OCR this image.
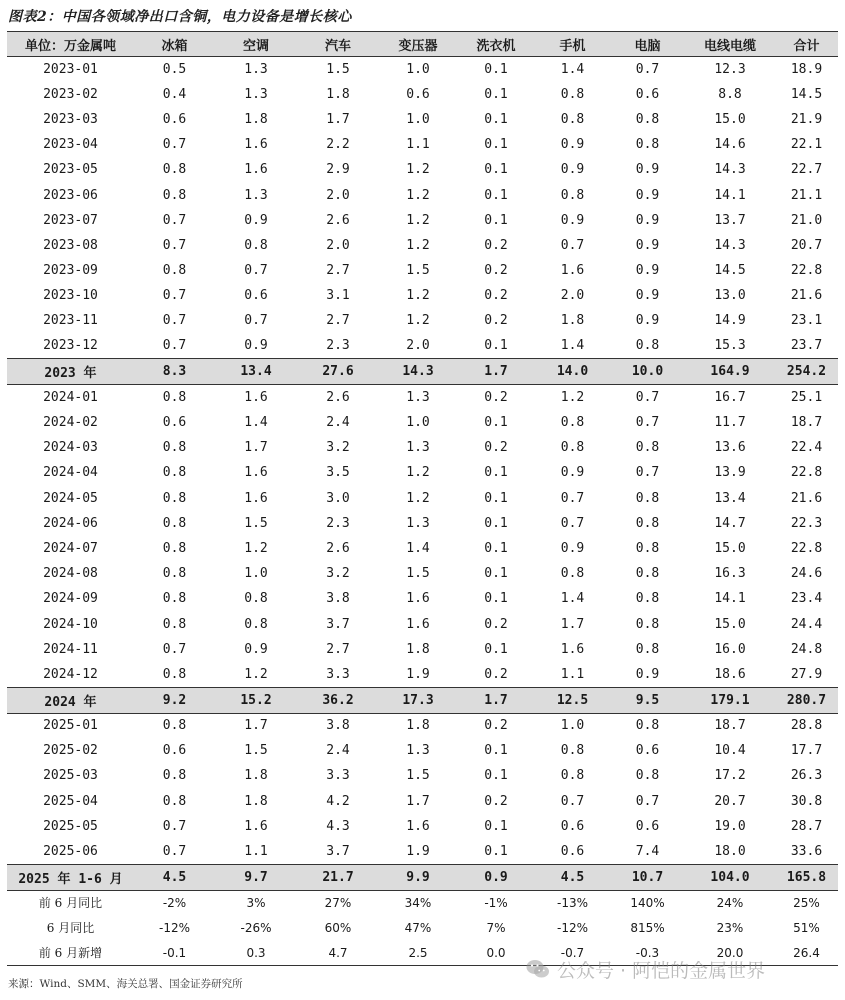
图表2：中国各领域净出口含铜，电力设备是增长核心
单位：万金属吨	冰箱	空调	汽车	变压器	洗衣机	手机	电脑	电线电缆	合计
2023-01	0.5	1.3	1.5	1.0	0.1	1.4	0.7	12.3	18.9
2023-02	0.4	1.3	1.8	0.6	0.1	0.8	0.6	8.8	14.5
2023-03	0.6	1.8	1.7	1.0	0.1	0.8	0.8	15.0	21.9
2023-04	0.7	1.6	2.2	1.1	0.1	0.9	0.8	14.6	22.1
2023-05	0.8	1.6	2.9	1.2	0.1	0.9	0.9	14.3	22.7
2023-06	0.8	1.3	2.0	1.2	0.1	0.8	0.9	14.1	21.1
2023-07	0.7	0.9	2.6	1.2	0.1	0.9	0.9	13.7	21.0
2023-08	0.7	0.8	2.0	1.2	0.2	0.7	0.9	14.3	20.7
2023-09	0.8	0.7	2.7	1.5	0.2	1.6	0.9	14.5	22.8
2023-10	0.7	0.6	3.1	1.2	0.2	2.0	0.9	13.0	21.6
2023-11	0.7	0.7	2.7	1.2	0.2	1.8	0.9	14.9	23.1
2023-12	0.7	0.9	2.3	2.0	0.1	1.4	0.8	15.3	23.7
2023 年	8.3	13.4	27.6	14.3	1.7	14.0	10.0	164.9	254.2
2024-01	0.8	1.6	2.6	1.3	0.2	1.2	0.7	16.7	25.1
2024-02	0.6	1.4	2.4	1.0	0.1	0.8	0.7	11.7	18.7
2024-03	0.8	1.7	3.2	1.3	0.2	0.8	0.8	13.6	22.4
2024-04	0.8	1.6	3.5	1.2	0.1	0.9	0.7	13.9	22.8
2024-05	0.8	1.6	3.0	1.2	0.1	0.7	0.8	13.4	21.6
2024-06	0.8	1.5	2.3	1.3	0.1	0.7	0.8	14.7	22.3
2024-07	0.8	1.2	2.6	1.4	0.1	0.9	0.8	15.0	22.8
2024-08	0.8	1.0	3.2	1.5	0.1	0.8	0.8	16.3	24.6
2024-09	0.8	0.8	3.8	1.6	0.1	1.4	0.8	14.1	23.4
2024-10	0.8	0.8	3.7	1.6	0.2	1.7	0.8	15.0	24.4
2024-11	0.7	0.9	2.7	1.8	0.1	1.6	0.8	16.0	24.8
2024-12	0.8	1.2	3.3	1.9	0.2	1.1	0.9	18.6	27.9
2024 年	9.2	15.2	36.2	17.3	1.7	12.5	9.5	179.1	280.7
2025-01	0.8	1.7	3.8	1.8	0.2	1.0	0.8	18.7	28.8
2025-02	0.6	1.5	2.4	1.3	0.1	0.8	0.6	10.4	17.7
2025-03	0.8	1.8	3.3	1.5	0.1	0.8	0.8	17.2	26.3
2025-04	0.8	1.8	4.2	1.7	0.2	0.7	0.7	20.7	30.8
2025-05	0.7	1.6	4.3	1.6	0.1	0.6	0.6	19.0	28.7
2025-06	0.7	1.1	3.7	1.9	0.1	0.6	7.4	18.0	33.6
2025 年 1-6 月	4.5	9.7	21.7	9.9	0.9	4.5	10.7	104.0	165.8
前 6 月同比	-2%	3%	27%	34%	-1%	-13%	140%	24%	25%
6 月同比	-12%	-26%	60%	47%	7%	-12%	815%	23%	51%
前 6 月新增	-0.1	0.3	4.7	2.5	0.0	-0.7	-0.3	20.0	26.4
来源：Wind、SMM、海关总署、国金证券研究所
公众号 · 阿恺的金属世界
